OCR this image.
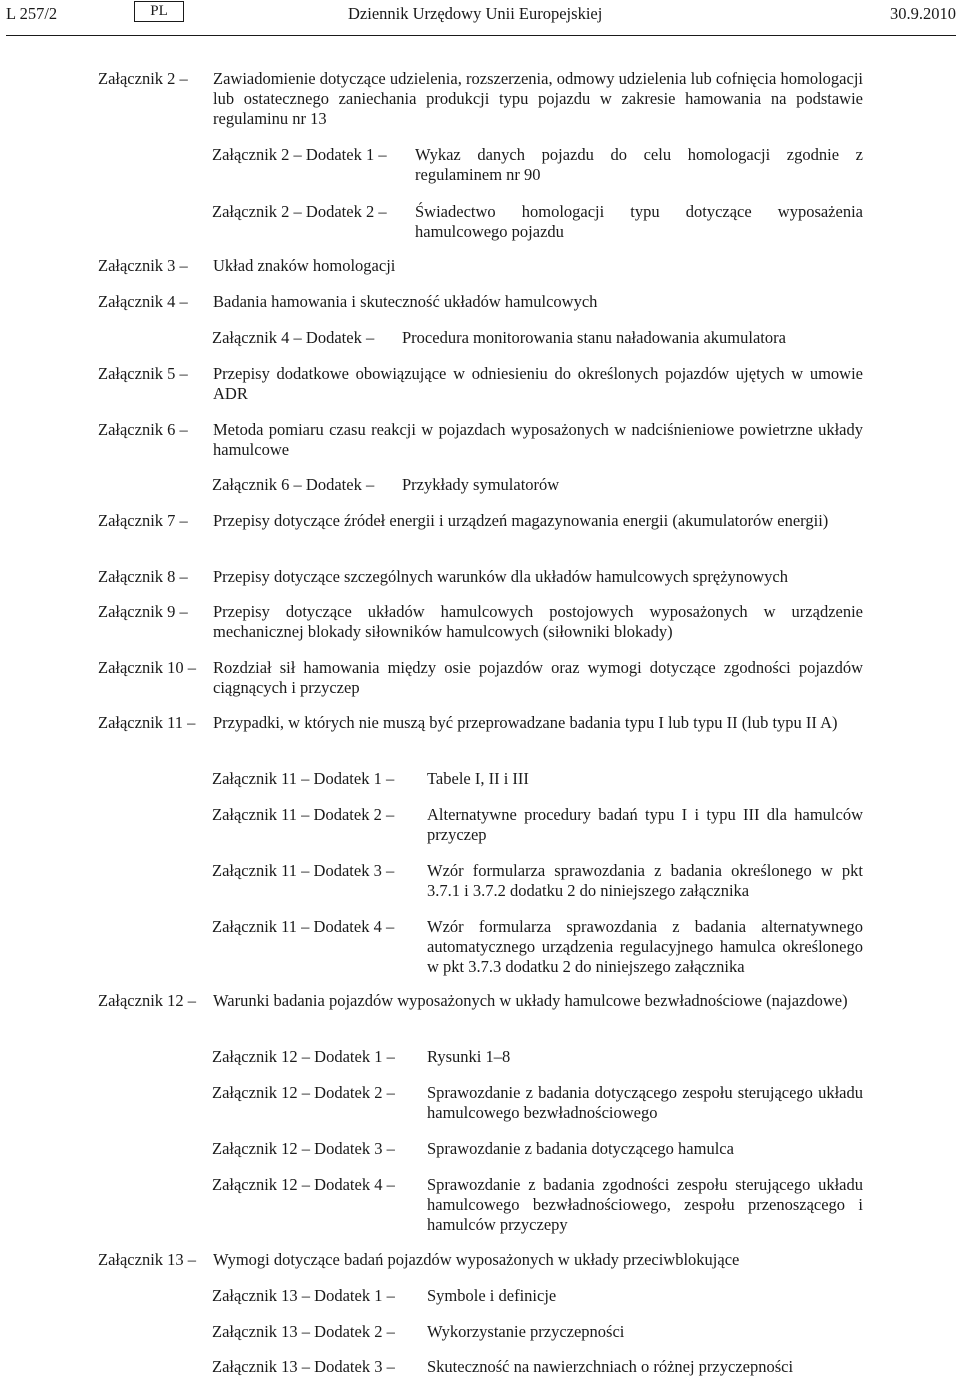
L 257/2	PL	Dziennik Urzędowy Unii Europejskiej	30.9.2010
Załącznik 2 –	Zawiadomienie dotyczące udzielenia, rozszerzenia, odmowy udzielenia lub cofnięcia homologacji lub ostatecznego zaniechania produkcji typu pojazdu w zakresie hamowania na podstawie regulaminu nr 13
Załącznik 2 – Dodatek 1 –	Wykaz danych pojazdu do celu homologacji zgodnie z regulaminem nr 90
Załącznik 2 – Dodatek 2 –	Świadectwo homologacji typu dotyczące wyposażenia hamulcowego pojazdu
Załącznik 3 –	Układ znaków homologacji
Załącznik 4 –	Badania hamowania i skuteczność układów hamulcowych
Załącznik 4 – Dodatek –	Procedura monitorowania stanu naładowania akumulatora
Załącznik 5 –	Przepisy dodatkowe obowiązujące w odniesieniu do określonych pojazdów ujętych w umowie ADR
Załącznik 6 –	Metoda pomiaru czasu reakcji w pojazdach wyposażonych w nadciśnieniowe powietrzne układy hamulcowe
Załącznik 6 – Dodatek –	Przykłady symulatorów
Załącznik 7 –	Przepisy dotyczące źródeł energii i urządzeń magazynowania energii (akumulatorów energii)
Załącznik 8 –	Przepisy dotyczące szczególnych warunków dla układów hamulcowych sprężynowych
Załącznik 9 –	Przepisy dotyczące układów hamulcowych postojowych wyposażonych w urządzenie mechanicznej blokady siłowników hamulcowych (siłowniki blokady)
Załącznik 10 –	Rozdział sił hamowania między osie pojazdów oraz wymogi dotyczące zgodności pojazdów ciągnących i przyczep
Załącznik 11 –	Przypadki, w których nie muszą być przeprowadzane badania typu I lub typu II (lub typu II A)
Załącznik 11 – Dodatek 1 –	Tabele I, II i III
Załącznik 11 – Dodatek 2 –	Alternatywne procedury badań typu I i typu III dla hamulców przyczep
Załącznik 11 – Dodatek 3 –	Wzór formularza sprawozdania z badania określonego w pkt 3.7.1 i 3.7.2 dodatku 2 do niniejszego załącznika
Załącznik 11 – Dodatek 4 –	Wzór formularza sprawozdania z badania alternatywnego automatycznego urządzenia regulacyjnego hamulca określonego w pkt 3.7.3 dodatku 2 do niniejszego załącznika
Załącznik 12 –	Warunki badania pojazdów wyposażonych w układy hamulcowe bezwładnościowe (najazdowe)
Załącznik 12 – Dodatek 1 –	Rysunki 1–8
Załącznik 12 – Dodatek 2 –	Sprawozdanie z badania dotyczącego zespołu sterującego układu hamulcowego bezwładnościowego
Załącznik 12 – Dodatek 3 –	Sprawozdanie z badania dotyczącego hamulca
Załącznik 12 – Dodatek 4 –	Sprawozdanie z badania zgodności zespołu sterującego układu hamulcowego bezwładnościowego, zespołu przenoszącego i hamulców przyczepy
Załącznik 13 –	Wymogi dotyczące badań pojazdów wyposażonych w układy przeciwblokujące
Załącznik 13 – Dodatek 1 –	Symbole i definicje
Załącznik 13 – Dodatek 2 –	Wykorzystanie przyczepności
Załącznik 13 – Dodatek 3 –	Skuteczność na nawierzchniach o różnej przyczepności
